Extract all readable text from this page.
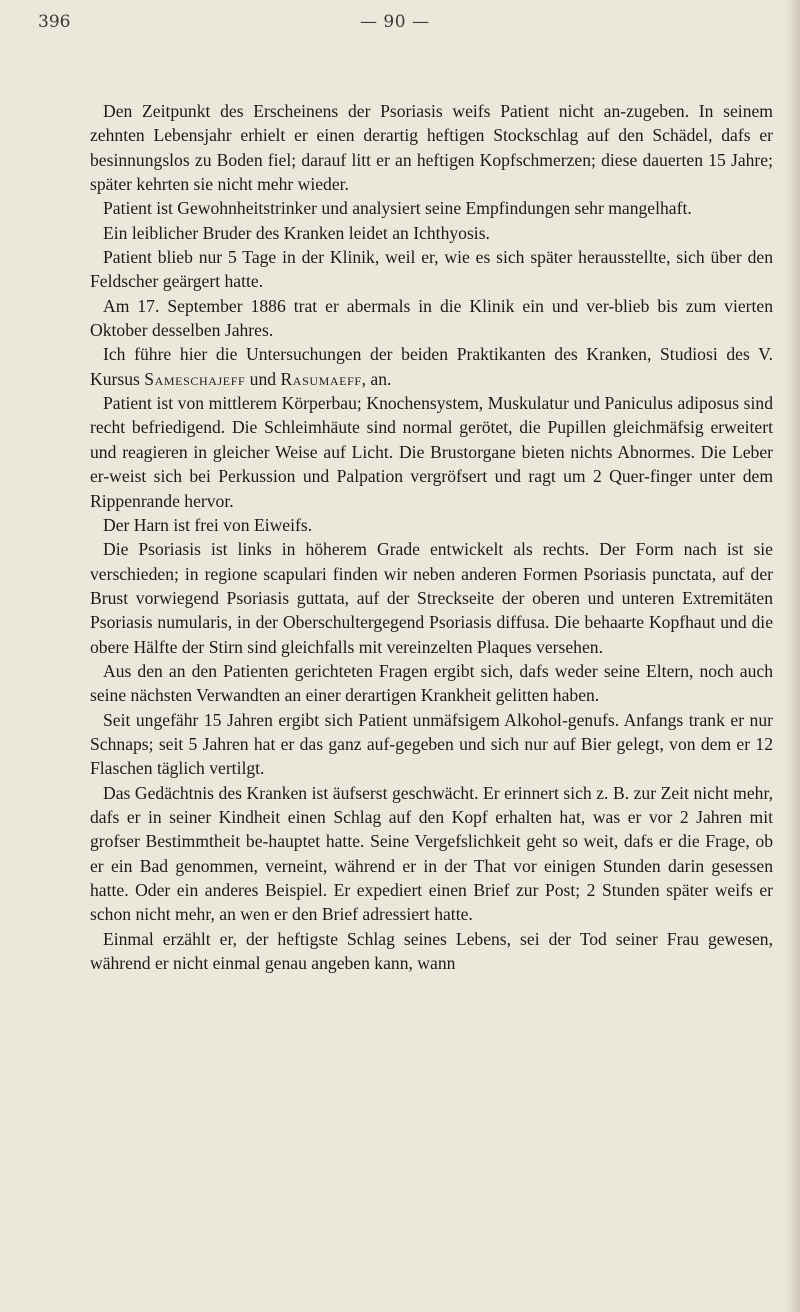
396	— 90 —

Den Zeitpunkt des Erscheinens der Psoriasis weifs Patient nicht an-zugeben. In seinem zehnten Lebensjahr erhielt er einen derartig heftigen Stockschlag auf den Schädel, dafs er besinnungslos zu Boden fiel; darauf litt er an heftigen Kopfschmerzen; diese dauerten 15 Jahre; später kehrten sie nicht mehr wieder.

Patient ist Gewohnheitstrinker und analysiert seine Empfindungen sehr mangelhaft.

Ein leiblicher Bruder des Kranken leidet an Ichthyosis.

Patient blieb nur 5 Tage in der Klinik, weil er, wie es sich später herausstellte, sich über den Feldscher geärgert hatte.

Am 17. September 1886 trat er abermals in die Klinik ein und ver-blieb bis zum vierten Oktober desselben Jahres.

Ich führe hier die Untersuchungen der beiden Praktikanten des Kranken, Studiosi des V. Kursus Sameschajeff und Rasumaeff, an.

Patient ist von mittlerem Körperbau; Knochensystem, Muskulatur und Paniculus adiposus sind recht befriedigend. Die Schleimhäute sind normal gerötet, die Pupillen gleichmäfsig erweitert und reagieren in gleicher Weise auf Licht. Die Brustorgane bieten nichts Abnormes. Die Leber er-weist sich bei Perkussion und Palpation vergröfsert und ragt um 2 Quer-finger unter dem Rippenrande hervor.

Der Harn ist frei von Eiweifs.

Die Psoriasis ist links in höherem Grade entwickelt als rechts. Der Form nach ist sie verschieden; in regione scapulari finden wir neben anderen Formen Psoriasis punctata, auf der Brust vorwiegend Psoriasis guttata, auf der Streckseite der oberen und unteren Extremitäten Psoriasis numularis, in der Oberschultergegend Psoriasis diffusa. Die behaarte Kopfhaut und die obere Hälfte der Stirn sind gleichfalls mit vereinzelten Plaques versehen.

Aus den an den Patienten gerichteten Fragen ergibt sich, dafs weder seine Eltern, noch auch seine nächsten Verwandten an einer derartigen Krankheit gelitten haben.

Seit ungefähr 15 Jahren ergibt sich Patient unmäfsigem Alkohol-genufs. Anfangs trank er nur Schnaps; seit 5 Jahren hat er das ganz auf-gegeben und sich nur auf Bier gelegt, von dem er 12 Flaschen täglich vertilgt.

Das Gedächtnis des Kranken ist äufserst geschwächt. Er erinnert sich z. B. zur Zeit nicht mehr, dafs er in seiner Kindheit einen Schlag auf den Kopf erhalten hat, was er vor 2 Jahren mit grofser Bestimmtheit be-hauptet hatte. Seine Vergefslichkeit geht so weit, dafs er die Frage, ob er ein Bad genommen, verneint, während er in der That vor einigen Stunden darin gesessen hatte. Oder ein anderes Beispiel. Er expediert einen Brief zur Post; 2 Stunden später weifs er schon nicht mehr, an wen er den Brief adressiert hatte.

Einmal erzählt er, der heftigste Schlag seines Lebens, sei der Tod seiner Frau gewesen, während er nicht einmal genau angeben kann, wann
